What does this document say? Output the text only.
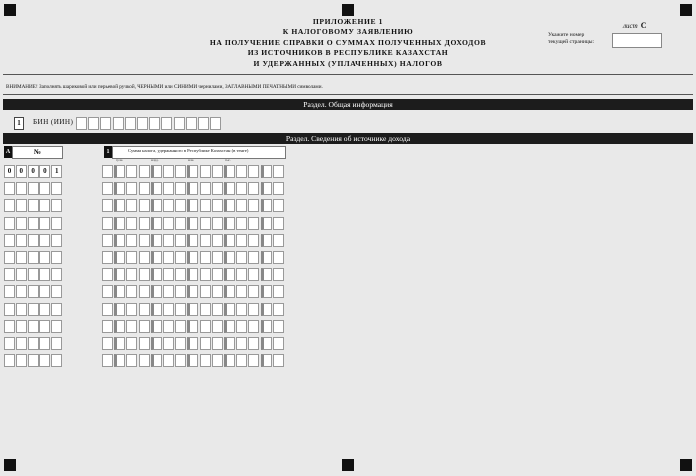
ПРИЛОЖЕНИЕ 1
К НАЛОГОВОМУ ЗАЯВЛЕНИЮ
НА ПОЛУЧЕНИЕ СПРАВКИ О СУММАХ ПОЛУЧЕННЫХ ДОХОДОВ
ИЗ ИСТОЧНИКОВ В РЕСПУБЛИКЕ КАЗАХСТАН
И УДЕРЖАННЫХ (УПЛАЧЕННЫХ) НАЛОГОВ
лист С
Укажите номер
текущей страницы:
ВНИМАНИЕ! Заполнять шариковой или перьевой ручкой, ЧЕРНЫМИ или СИНИМИ чернилами, ЗАГЛАВНЫМИ ПЕЧАТНЫМИ символами.
Раздел. Общая информация
1	БИН (ИИН)
Раздел. Сведения об источнике дохода
А	№	1	Сумма налога, удержанного в Республике Казахстан (в тенге)
трлн.	млрд.	млн.	тыс.
0	0	0	0	1
